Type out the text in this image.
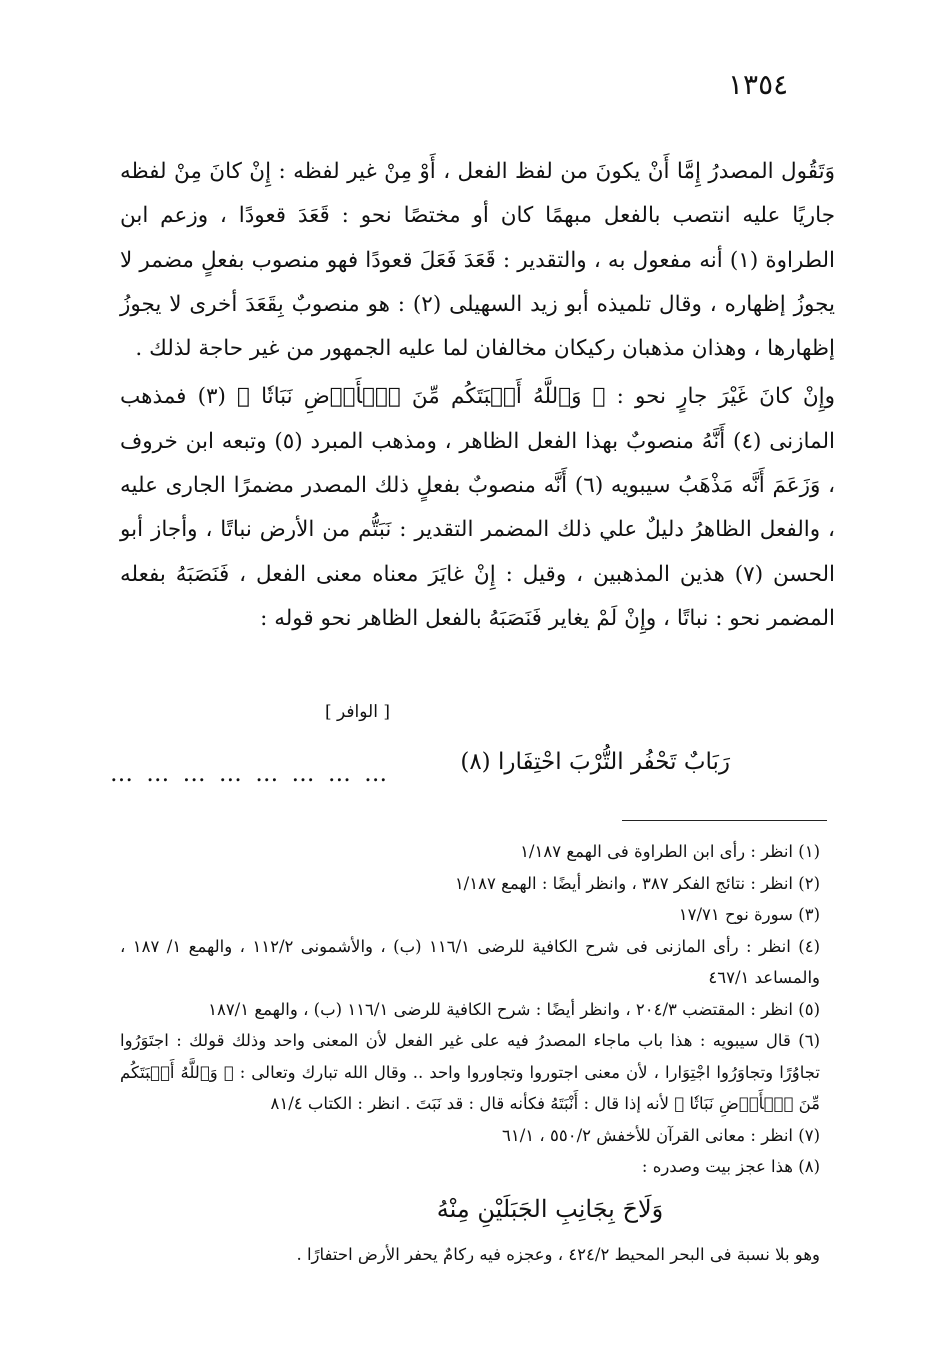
١٣٥٤

وَتَقُول المصدرُ إِمَّا أَنْ يكونَ من لفظ الفعل ، أَوْ مِنْ غير لفظه : إِنْ كانَ مِنْ لفظه جاريًا عليه انتصب بالفعل مبهمًا كان أو مختصًا نحو : قَعَدَ قعودًا ، وزعم ابن الطراوة (١) أنه مفعول به ، والتقدير : قَعَدَ فَعَلَ قعودًا فهو منصوب بفعلٍ مضمر لا يجوزُ إظهاره ، وقال تلميذه أبو زيد السهيلى (٢) : هو منصوبٌ بِقَعَدَ أخرى لا يجوزُ إظهارها ، وهذان مذهبان ركيكان مخالفان لما عليه الجمهور من غير حاجة لذلك .

وإِنْ كانَ غَيْرَ جارٍ نحو : ﴿ وَٱللَّهُ أَنۢبَتَكُم مِّنَ ٱلۡأَرۡضِ نَبَاتٗا ﴾ (٣) فمذهب المازنى (٤) أَنَّهُ منصوبٌ بهذا الفعل الظاهر ، ومذهب المبرد (٥) وتبعه ابن خروف ، وَزَعَمَ أَنَّه مَذْهَبُ سيبويه (٦) أَنَّه منصوبٌ بفعلٍ ذلك المصدر مضمرًا الجارى عليه ، والفعل الظاهرُ دليلٌ علي ذلك المضمر التقدير : نَبَتُّم من الأرض نباتًا ، وأجاز أبو الحسن (٧) هذين المذهبين ، وقيل : إِنْ غايَرَ معناه معنى الفعل ، فَنَصَبَهُ بفعله المضمر نحو : نباتًا ، وإِنْ لَمْ يغاير فَنَصَبَهُ بالفعل الظاهر نحو قوله :

[ الوافر ]
رَبَابٌ تَحْفُر التُّرْبَ احْتِفَارا (٨)
… … … … … … … …

(١) انظر : رأى ابن الطراوة فى الهمع ١/١٨٧

(٢) انظر : نتائج الفكر ٣٨٧ ، وانظر أيضًا : الهمع ١/١٨٧

(٣) سورة نوح ١٧/٧١

(٤) انظر : رأى المازنى فى شرح الكافية للرضى ١١٦/١ (ب) ، والأشمونى ١١٢/٢ ، والهمع ١/ ١٨٧ ، والمساعد ٤٦٧/١

(٥) انظر : المقتضب ٢٠٤/٣ ، وانظر أيضًا : شرح الكافية للرضى ١١٦/١ (ب) ، والهمع ١٨٧/١

(٦) قال سيبويه : هذا باب ماجاء المصدرُ فيه على غير الفعل لأن المعنى واحد وذلك قولك : اجتَوَرُوا تجاوُرًا وتجاوَرُوا اجْتِوَارا ، لأن معنى اجتوروا وتجاوروا واحد .. وقال الله تبارك وتعالى : ﴿ وَٱللَّهُ أَنۢبَتَكُم مِّنَ ٱلۡأَرۡضِ نَبَاتٗا ﴾ لأنه إذا قال : أَنْبَتَهُ فكأنه قال : قد نَبَتَ . انظر : الكتاب ٨١/٤

(٧) انظر : معانى القرآن للأخفش ٥٥٠/٢ ، ٦١/١

(٨) هذا عجز بيت وصدره :

وَلَاحَ بِجَانِبِ الجَبَلَيْنِ مِنْهُ

وهو بلا نسبة فى البحر المحيط ٤٢٤/٢ ، وعجزه فيه ركامٌ يحفر الأرض احتفارًا .
